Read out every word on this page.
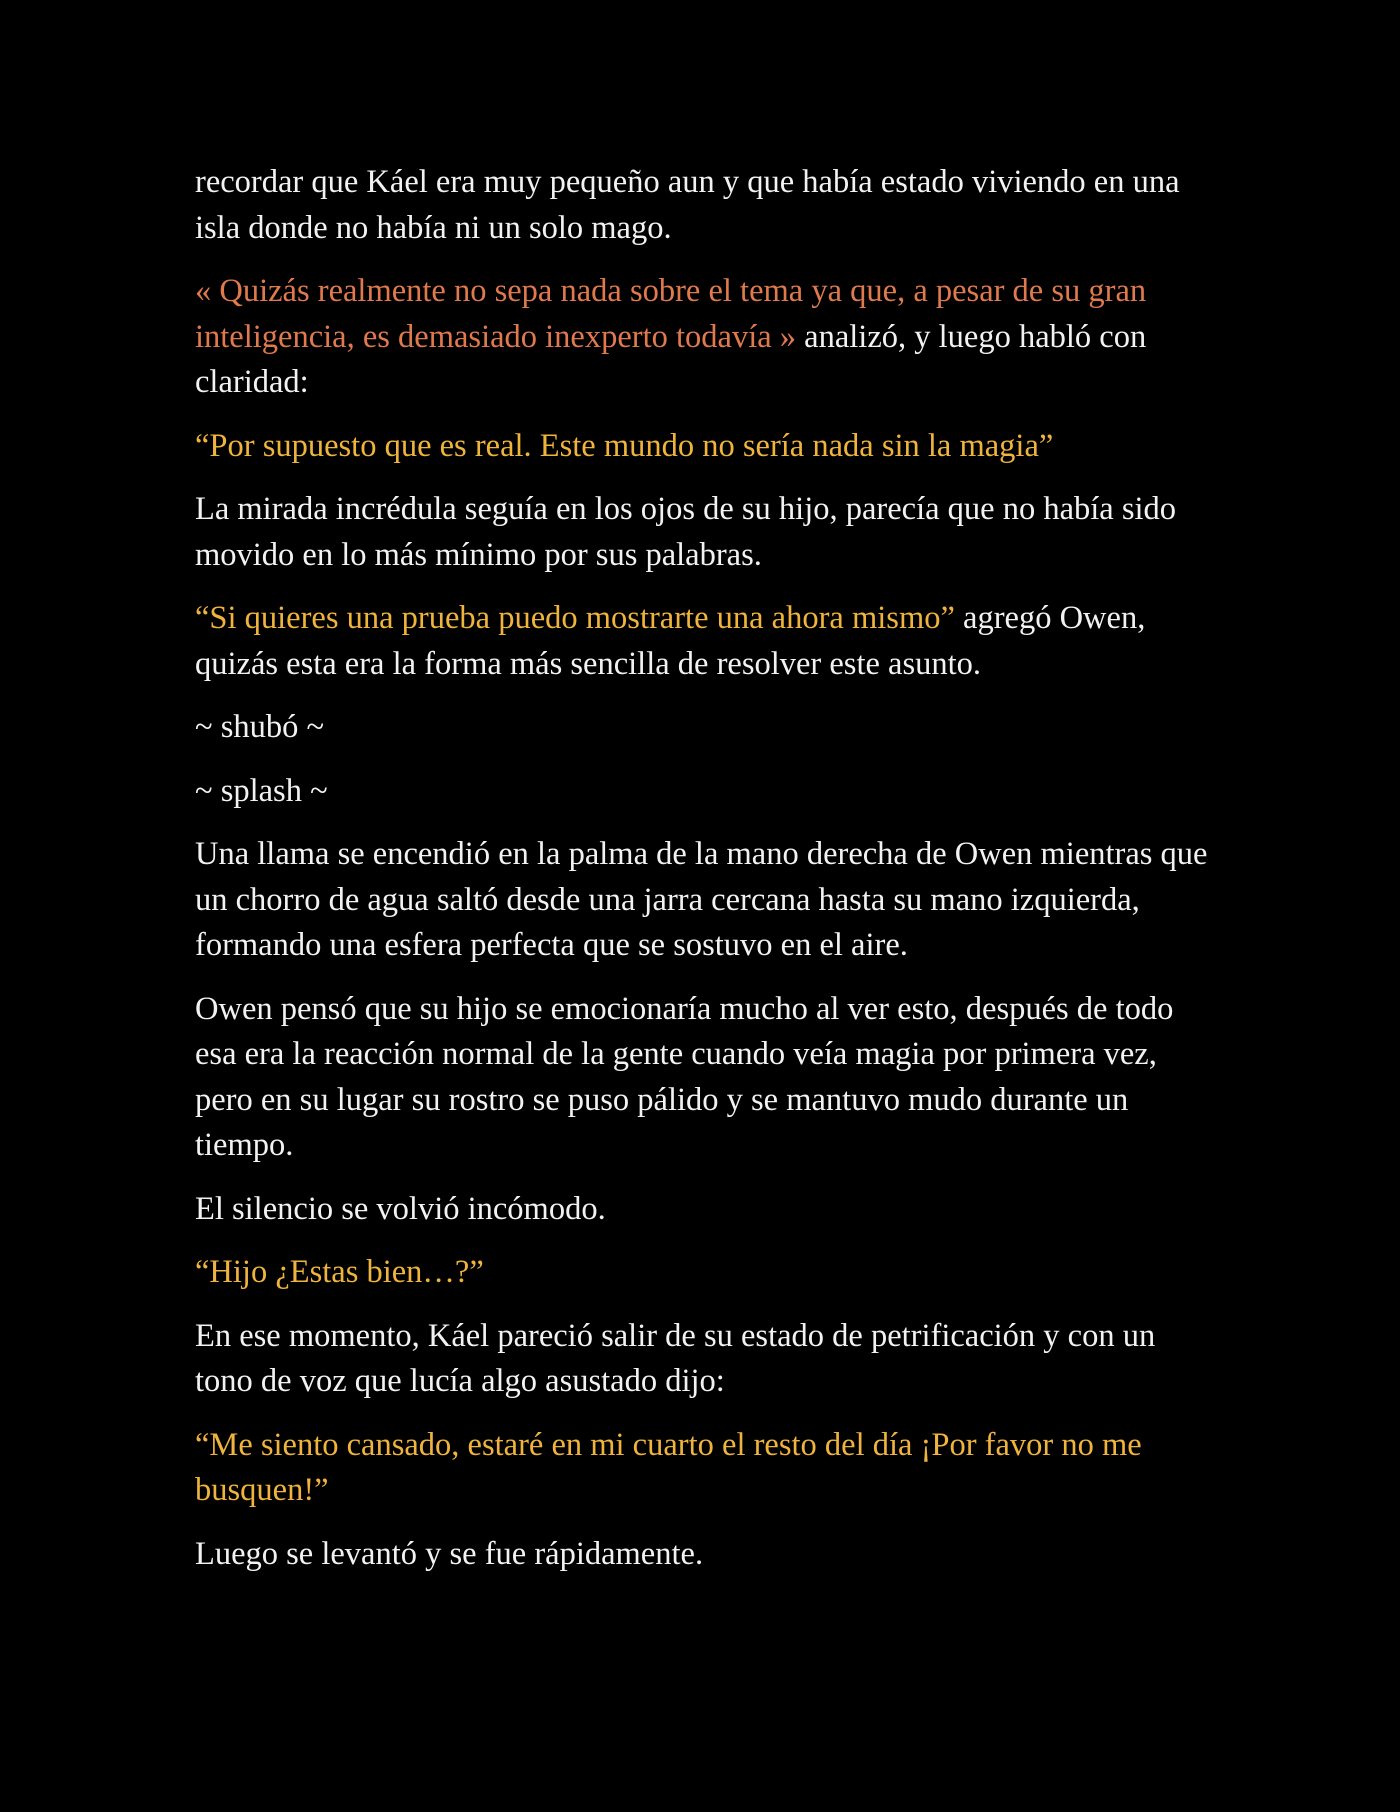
recordar que Káel era muy pequeño aun y que había estado viviendo en una isla donde no había ni un solo mago.

« Quizás realmente no sepa nada sobre el tema ya que, a pesar de su gran inteligencia, es demasiado inexperto todavía » analizó, y luego habló con claridad:

“Por supuesto que es real. Este mundo no sería nada sin la magia”

La mirada incrédula seguía en los ojos de su hijo, parecía que no había sido movido en lo más mínimo por sus palabras.

“Si quieres una prueba puedo mostrarte una ahora mismo” agregó Owen, quizás esta era la forma más sencilla de resolver este asunto.

~ shubó ~

~ splash ~

Una llama se encendió en la palma de la mano derecha de Owen mientras que un chorro de agua saltó desde una jarra cercana hasta su mano izquierda, formando una esfera perfecta que se sostuvo en el aire.

Owen pensó que su hijo se emocionaría mucho al ver esto, después de todo esa era la reacción normal de la gente cuando veía magia por primera vez, pero en su lugar su rostro se puso pálido y se mantuvo mudo durante un tiempo.

El silencio se volvió incómodo.

“Hijo ¿Estas bien…?”

En ese momento, Káel pareció salir de su estado de petrificación y con un tono de voz que lucía algo asustado dijo:

“Me siento cansado, estaré en mi cuarto el resto del día ¡Por favor no me busquen!”

Luego se levantó y se fue rápidamente.
